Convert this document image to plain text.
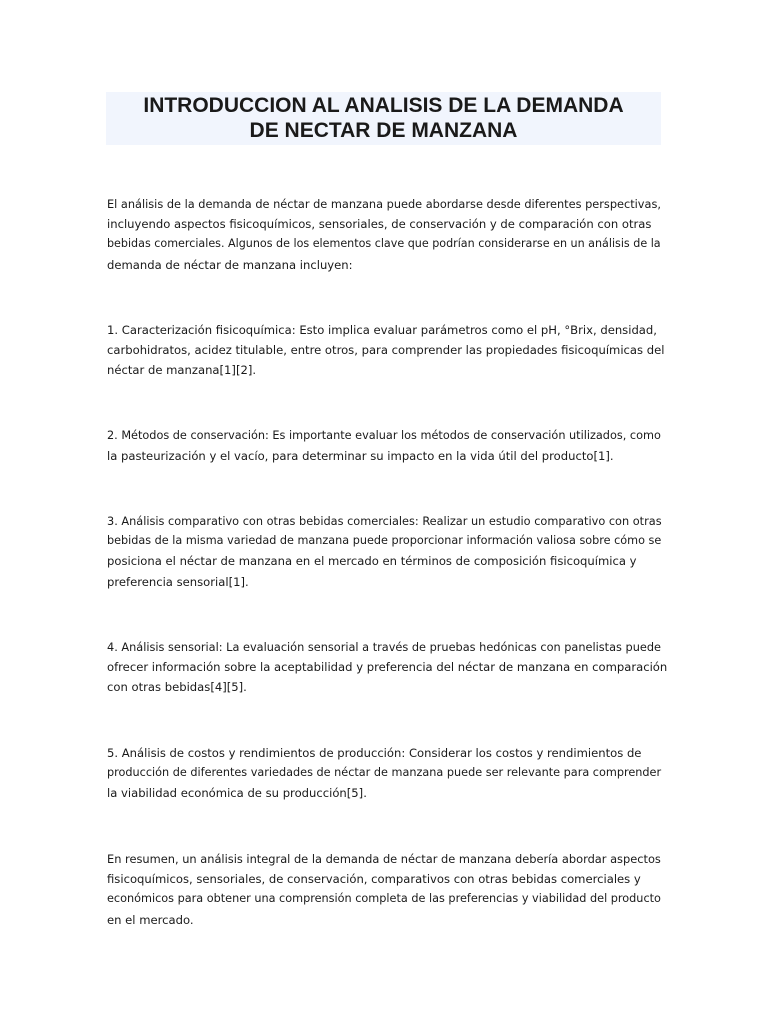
INTRODUCCION AL ANALISIS DE LA DEMANDA
DE NECTAR DE MANZANA

El análisis de la demanda de néctar de manzana puede abordarse desde diferentes perspectivas,
incluyendo aspectos fisicoquímicos, sensoriales, de conservación y de comparación con otras
bebidas comerciales. Algunos de los elementos clave que podrían considerarse en un análisis de la
demanda de néctar de manzana incluyen:

1. Caracterización fisicoquímica: Esto implica evaluar parámetros como el pH, °Brix, densidad,
carbohidratos, acidez titulable, entre otros, para comprender las propiedades fisicoquímicas del
néctar de manzana[1][2].

2. Métodos de conservación: Es importante evaluar los métodos de conservación utilizados, como
la pasteurización y el vacío, para determinar su impacto en la vida útil del producto[1].

3. Análisis comparativo con otras bebidas comerciales: Realizar un estudio comparativo con otras
bebidas de la misma variedad de manzana puede proporcionar información valiosa sobre cómo se
posiciona el néctar de manzana en el mercado en términos de composición fisicoquímica y
preferencia sensorial[1].

4. Análisis sensorial: La evaluación sensorial a través de pruebas hedónicas con panelistas puede
ofrecer información sobre la aceptabilidad y preferencia del néctar de manzana en comparación
con otras bebidas[4][5].

5. Análisis de costos y rendimientos de producción: Considerar los costos y rendimientos de
producción de diferentes variedades de néctar de manzana puede ser relevante para comprender
la viabilidad económica de su producción[5].

En resumen, un análisis integral de la demanda de néctar de manzana debería abordar aspectos
fisicoquímicos, sensoriales, de conservación, comparativos con otras bebidas comerciales y
económicos para obtener una comprensión completa de las preferencias y viabilidad del producto
en el mercado.
